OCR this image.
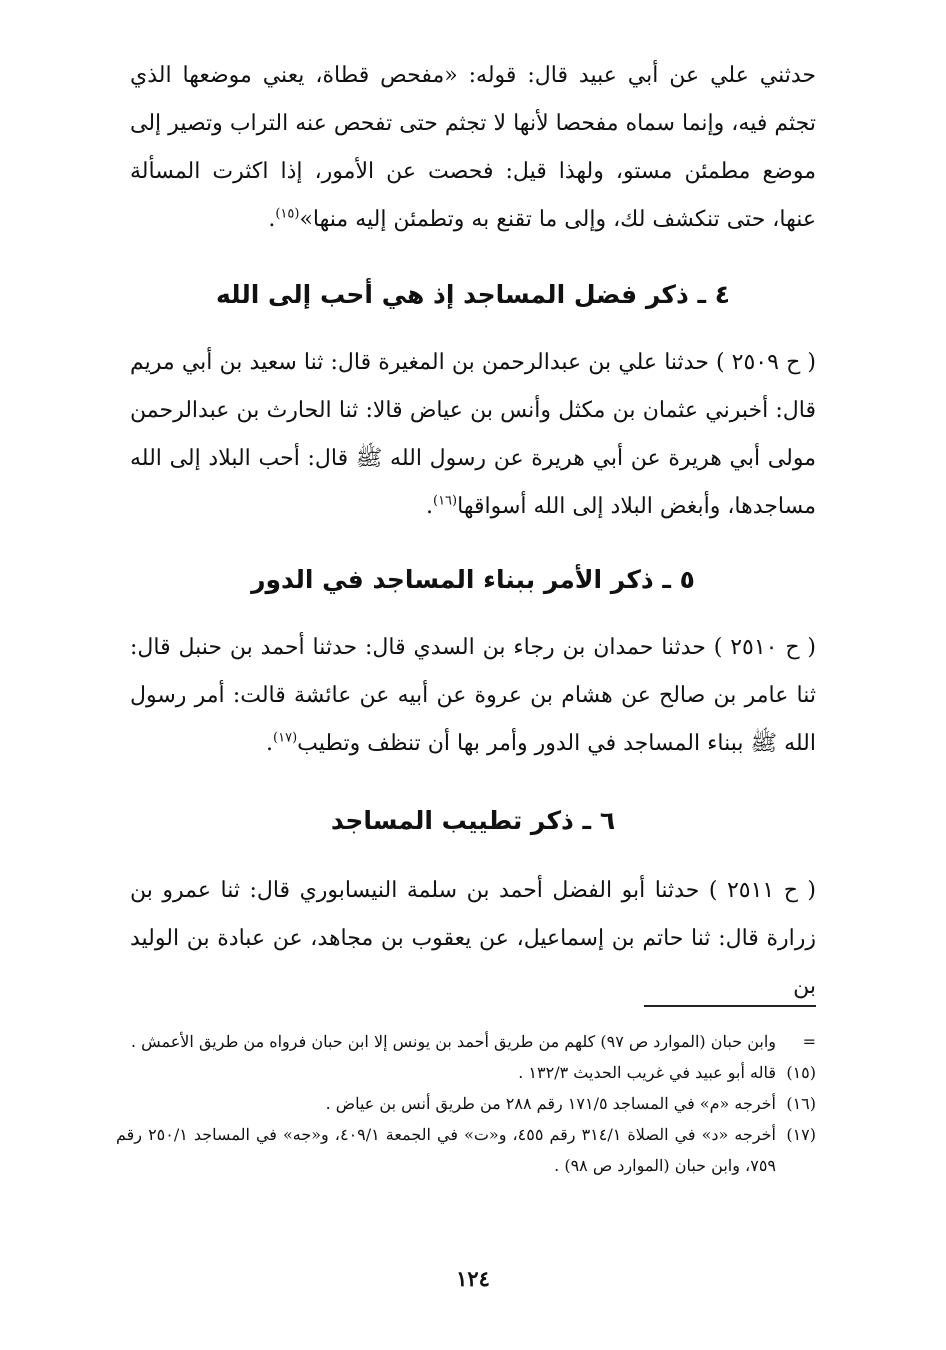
حدثني علي عن أبي عبيد قال: قوله: «مفحص قطاة، يعني موضعها الذي تجثم فيه، وإنما سماه مفحصا لأنها لا تجثم حتى تفحص عنه التراب وتصير إلى موضع مطمئن مستو، ولهذا قيل: فحصت عن الأمور، إذا اكثرت المسألة عنها، حتى تنكشف لك، وإلى ما تقنع به وتطمئن إليه منها»$^{(١٥)}$.

٤ ـ ذكر فضل المساجد إذ هي أحب إلى الله

( ح ٢٥٠٩ ) حدثنا علي بن عبدالرحمن بن المغيرة قال: ثنا سعيد بن أبي مريم قال: أخبرني عثمان بن مكثل وأنس بن عياض قالا: ثنا الحارث بن عبدالرحمن مولى أبي هريرة عن أبي هريرة عن رسول الله ﷺ قال: أحب البلاد إلى الله مساجدها، وأبغض البلاد إلى الله أسواقها$^{(١٦)}$.

٥ ـ ذكر الأمر ببناء المساجد في الدور

( ح ٢٥١٠ ) حدثنا حمدان بن رجاء بن السدي قال: حدثنا أحمد بن حنبل قال: ثنا عامر بن صالح عن هشام بن عروة عن أبيه عن عائشة قالت: أمر رسول الله ﷺ ببناء المساجد في الدور وأمر بها أن تنظف وتطيب$^{(١٧)}$.

٦ ـ ذكر تطييب المساجد

( ح ٢٥١١ ) حدثنا أبو الفضل أحمد بن سلمة النيسابوري قال: ثنا عمرو بن زرارة قال: ثنا حاتم بن إسماعيل، عن يعقوب بن مجاهد، عن عبادة بن الوليد بن

=
وابن حبان (الموارد ص ٩٧) كلهم من طريق أحمد بن يونس إلا ابن حبان فرواه من طريق الأعمش .
(١٥)
قاله أبو عبيد في غريب الحديث ١٣٢/٣ .
(١٦)
أخرجه «م» في المساجد ١٧١/٥ رقم ٢٨٨ من طريق أنس بن عياض .
(١٧)
أخرجه «د» في الصلاة ٣١٤/١ رقم ٤٥٥، و«ت» في الجمعة ٤٠٩/١، و«جه» في المساجد ٢٥٠/١ رقم ٧٥٩، وابن حبان (الموارد ص ٩٨) .
١٢٤
